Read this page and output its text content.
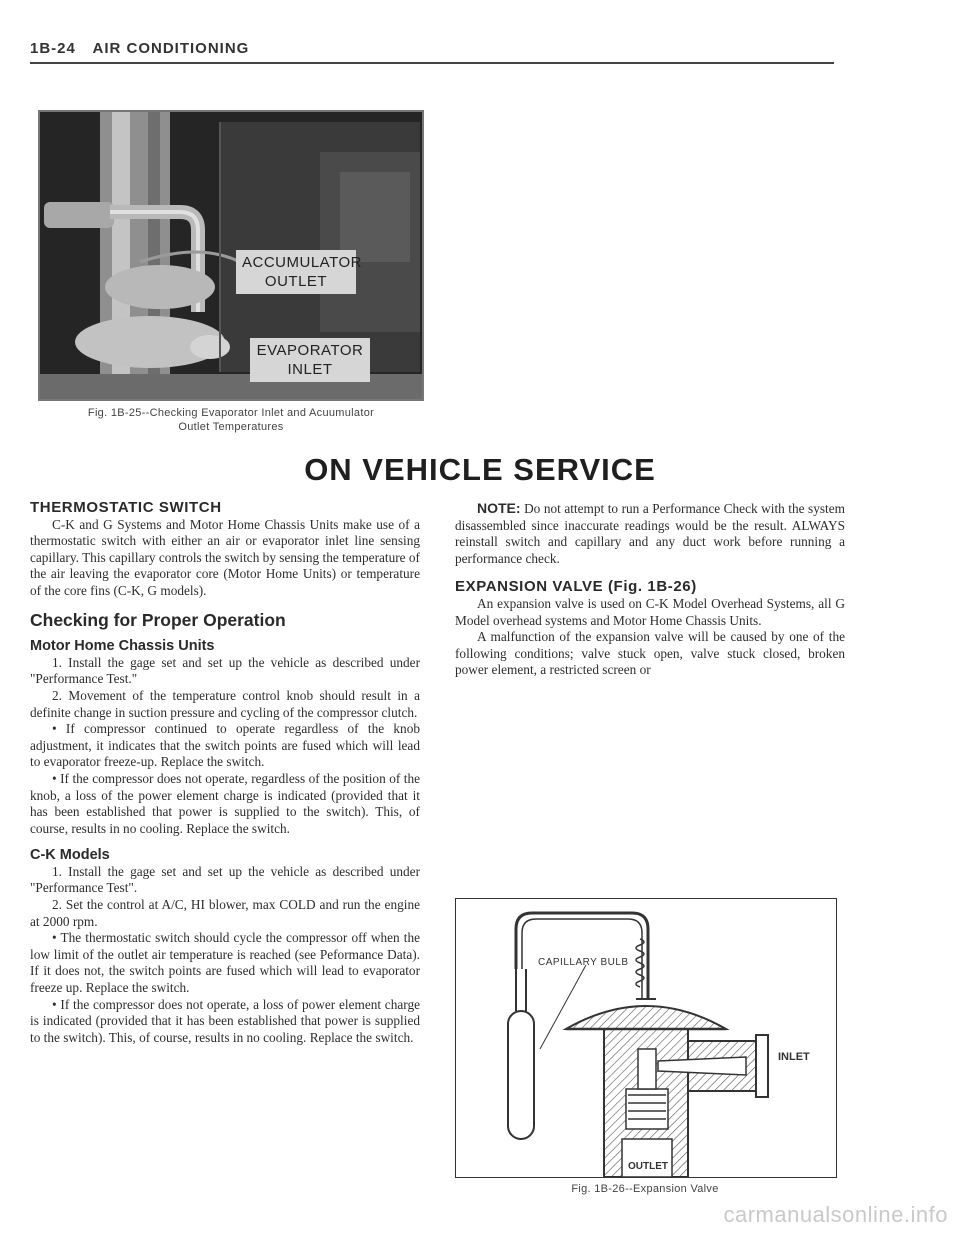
1B-24 AIR CONDITIONING
ACCUMULATOR
OUTLET
EVAPORATOR
INLET
Fig. 1B-25--Checking Evaporator Inlet and Acuumulator
Outlet Temperatures
ON VEHICLE SERVICE
THERMOSTATIC SWITCH

C-K and G Systems and Motor Home Chassis Units make use of a thermostatic switch with either an air or evaporator inlet line sensing capillary. This capillary controls the switch by sensing the temperature of the air leaving the evaporator core (Motor Home Units) or temperature of the core fins (C-K, G models).

Checking for Proper Operation
Motor Home Chassis Units

1. Install the gage set and set up the vehicle as described under "Performance Test."

2. Movement of the temperature control knob should result in a definite change in suction pressure and cycling of the compressor clutch.

• If compressor continued to operate regardless of the knob adjustment, it indicates that the switch points are fused which will lead to evaporator freeze-up. Replace the switch.

• If the compressor does not operate, regardless of the position of the knob, a loss of the power element charge is indicated (provided that it has been established that power is supplied to the switch). This, of course, results in no cooling. Replace the switch.

C-K Models

1. Install the gage set and set up the vehicle as described under "Performance Test".

2. Set the control at A/C, HI blower, max COLD and run the engine at 2000 rpm.

• The thermostatic switch should cycle the compressor off when the low limit of the outlet air temperature is reached (see Peformance Data). If it does not, the switch points are fused which will lead to evaporator freeze up. Replace the switch.

• If the compressor does not operate, a loss of power element charge is indicated (provided that it has been established that power is supplied to the switch). This, of course, results in no cooling. Replace the switch.

NOTE: Do not attempt to run a Performance Check with the system disassembled since inaccurate readings would be the result. ALWAYS reinstall switch and capillary and any duct work before running a performance check.

EXPANSION VALVE (Fig. 1B-26)

An expansion valve is used on C-K Model Overhead Systems, all G Model overhead systems and Motor Home Chassis Units.

A malfunction of the expansion valve will be caused by one of the following conditions; valve stuck open, valve stuck closed, broken power element, a restricted screen or

CAPILLARY BULB
INLET
OUTLET
Fig. 1B-26--Expansion Valve
carmanualsonline.info
